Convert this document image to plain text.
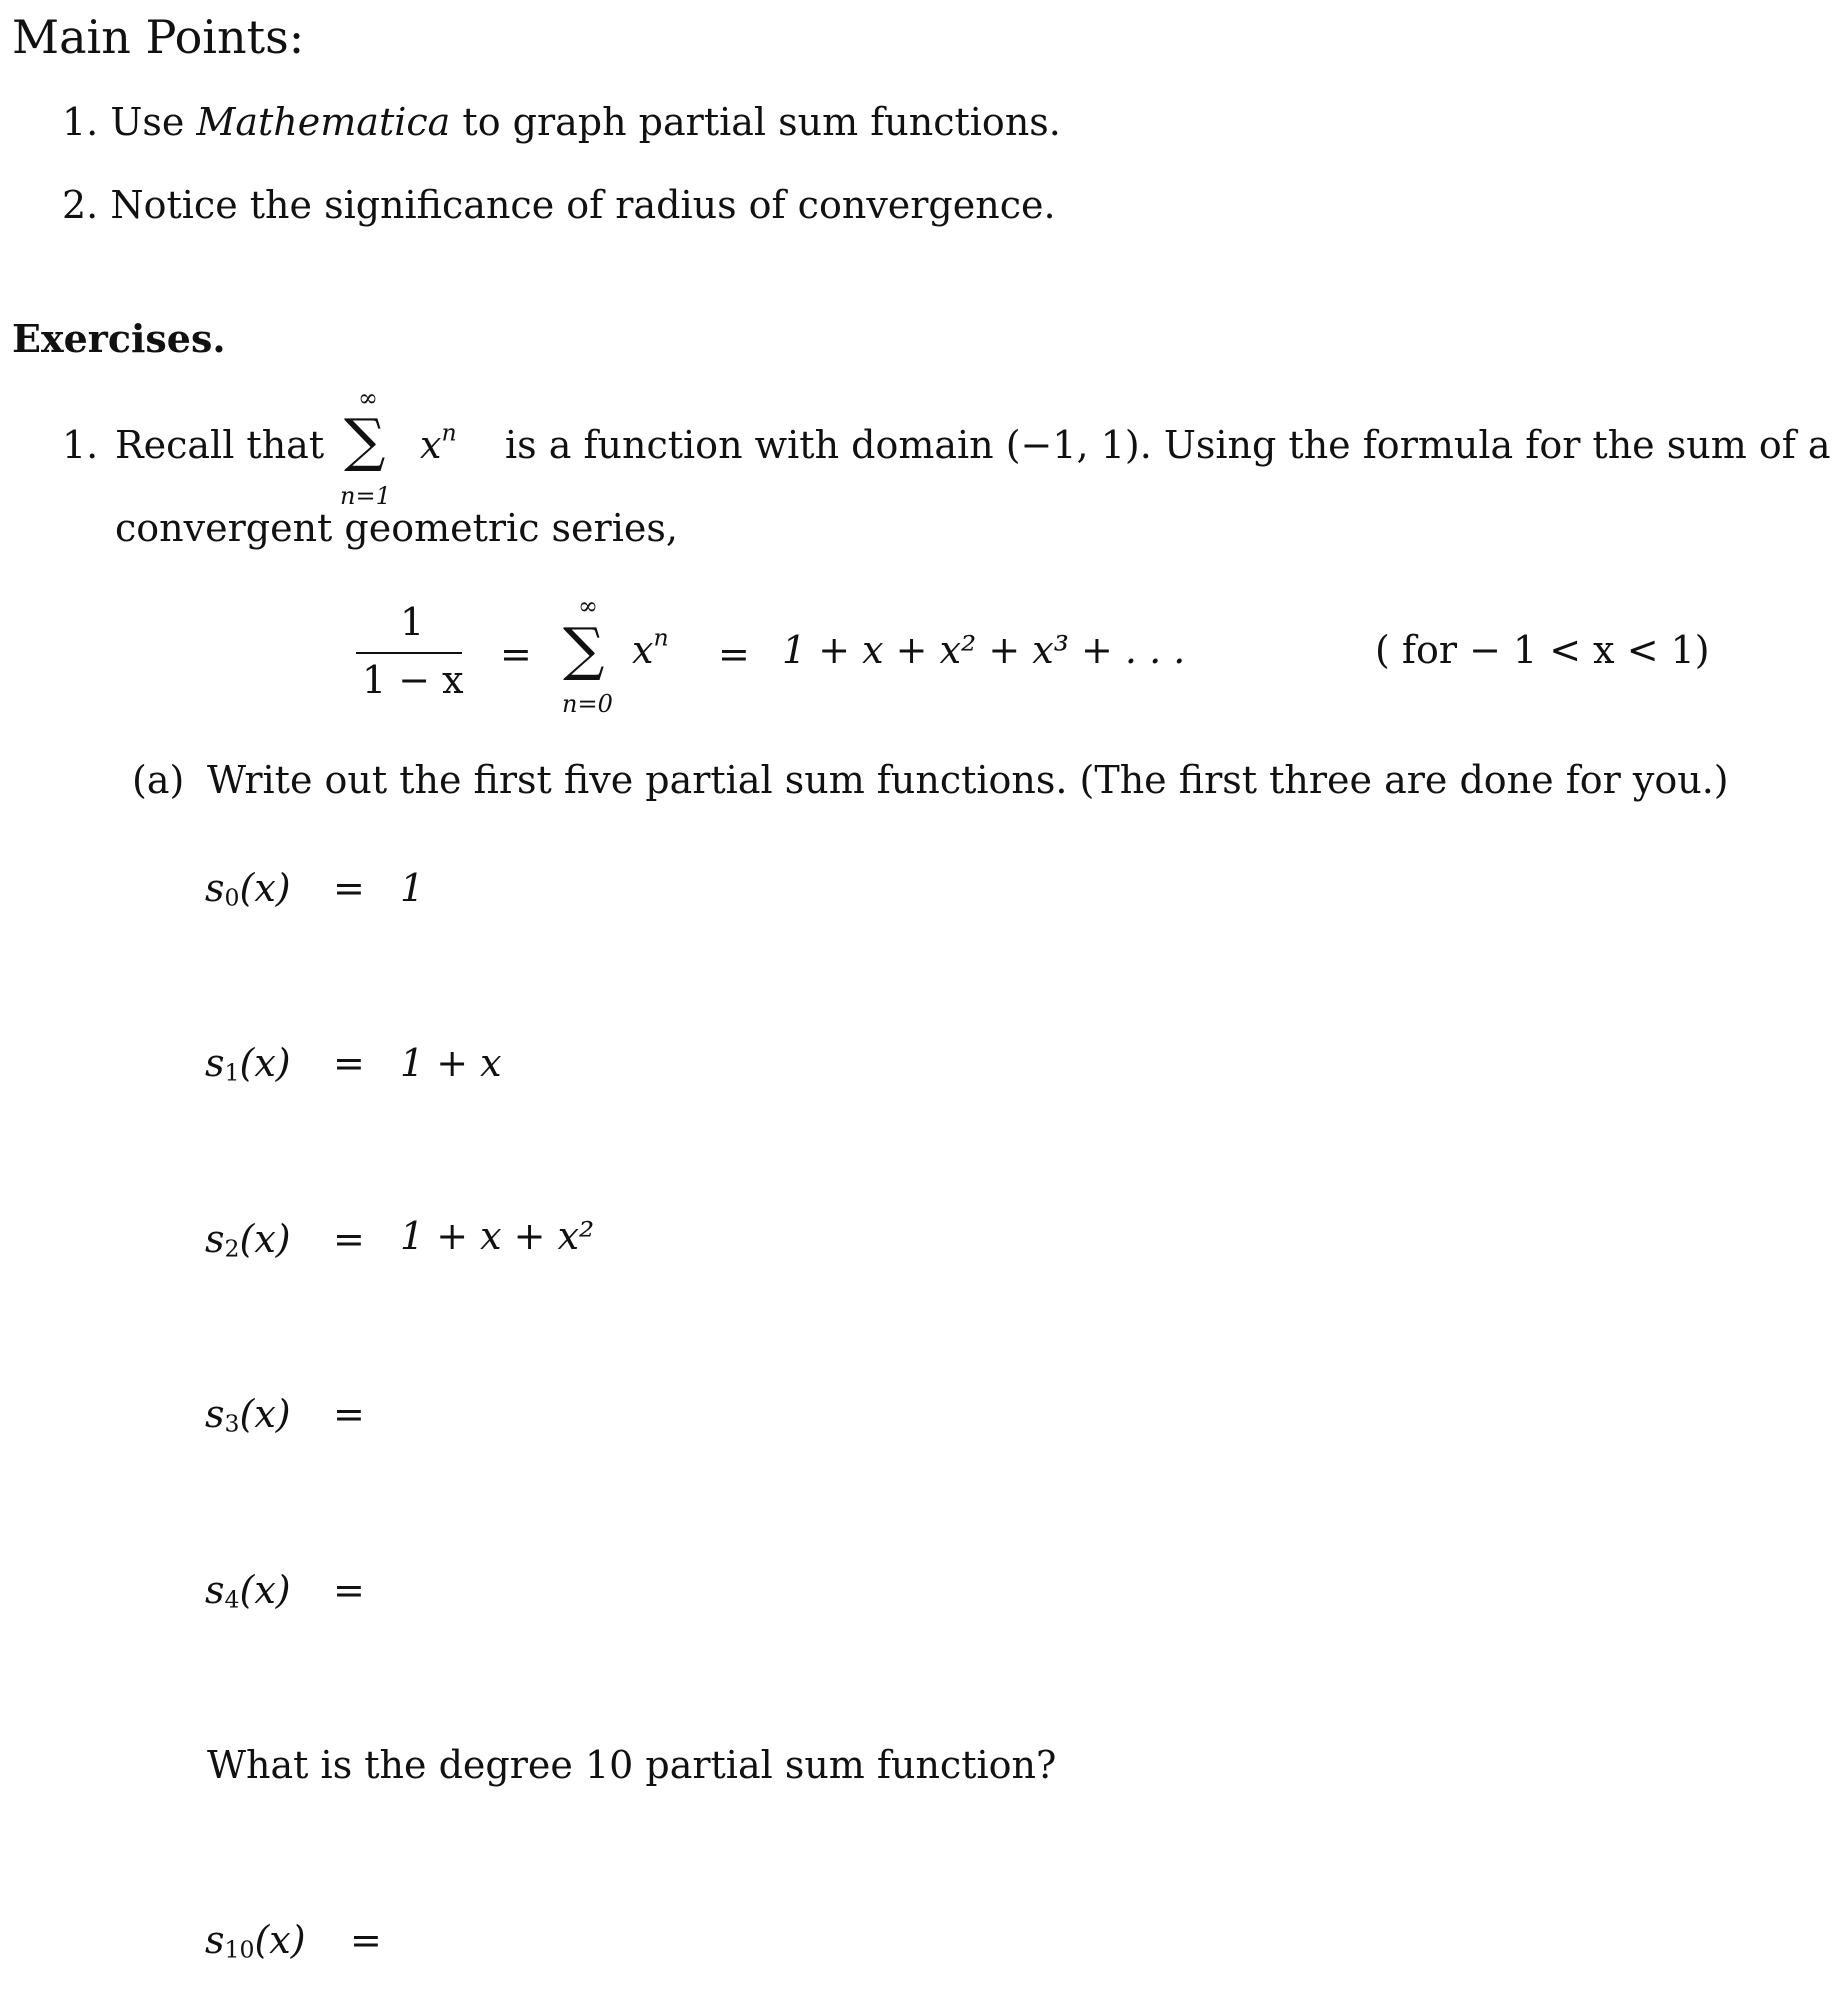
Main Points:
1. Use Mathematica to graph partial sum functions.
2. Notice the significance of radius of convergence.
Exercises.
1. Recall that
∞
∑
n=1
$x^n$ is a function with domain (−1, 1). Using the formula for the sum of a
convergent geometric series,
1
1 − x
=
∞
∑
n=0
$x^n = 1 + x + x^2 + x^3$ + . . .	( for − 1 < x < 1)
(a) Write out the first five partial sum functions. (The first three are done for you.)
$s_0(x) = 1$
$s_1(x) = 1 + x$
$s_2(x) = 1 + x + x^2$
$s_3(x)$ =
$s_4(x)$ =
What is the degree 10 partial sum function?
$s_{10}(x)$ =
